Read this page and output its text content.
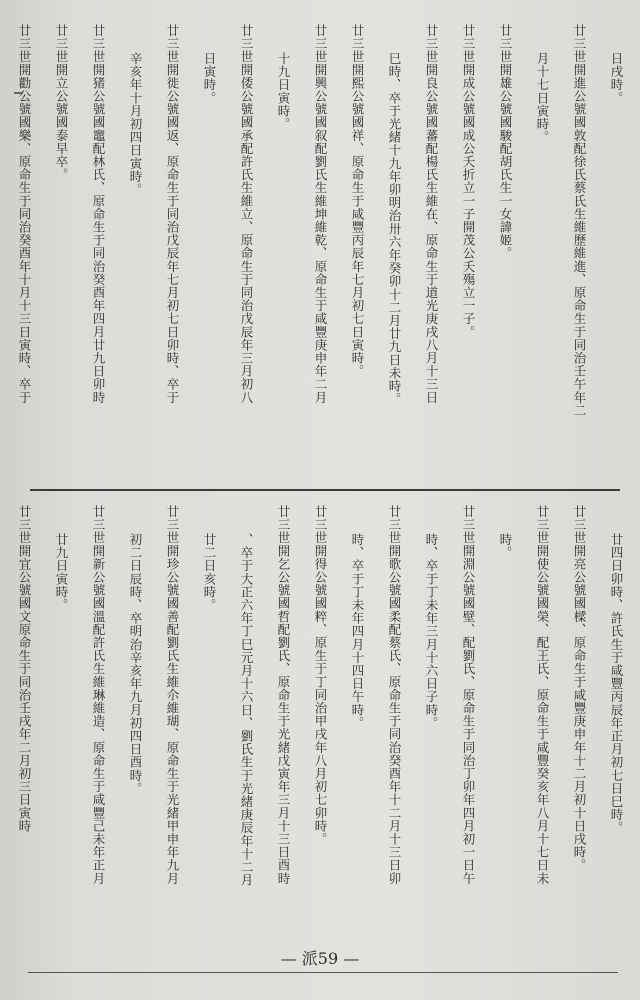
日戌時。
廿三世開進公號國敦配徐氏蔡氏生維歷維進、原命生于同治壬午年二
月十七日寅時。
廿三世開雄公號國駿配胡氏生一女諱姬。
廿三世開成公號國成公夭折立一子開茂公夭殤立一子。
廿三世開良公號國蕃配楊氏生維在、原命生于道光庚戌八月十三日
巳時、卒于光緒十九年卯明治卅六年癸卯十二月廿九日未時。
廿三世開熙公號國祥、原命生于咸豐丙辰年七月初七日寅時。
廿三世開興公號國叙配劉氏生維坤維乾、原命生于咸豐庚申年二月
十九日寅時。
廿三世開倭公號國承配許氏生維立、原命生于同治戊辰年三月初八
日寅時。
廿三世開徙公號國返、原命生于同治戊辰年七月初七日卯時、卒于
辛亥年十月初四日寅時。
廿三世開猪公號國竈配林氏、原命生于同治癸酉年四月廿九日卯時
廿三世開立公號國泰早卒。
廿三世開勸公號國樂、原命生于同治癸酉年十月十三日寅時、卒于
廿四日卯時、許氏生于咸豐丙辰年正月初七日巳時。
廿三世開亮公號國樑、原命生于咸豐庚申年十二月初十日戌時。
廿三世開使公號國榮、配王氏、原命生于咸豐癸亥年八月十七日未
時。
廿三世開淵公號國壁、配劉氏、原命生于同治丁卯年四月初一日午
時、卒于丁未年三月十六日子時。
廿三世開歌公號國柔配蔡氏、原命生于同治癸酉年十二月十三日卯
時、卒于丁未年四月十四日午時。
廿三世開得公號國粹、原生于丁同治甲戌年八月初七卯時。
廿三世開乞公號國哲配劉氏、原命生于光緒戊寅年三月十三日酉時
、卒于大正六年丁巳元月十六日、劉氏生于光緒庚辰年十二月
廿二日亥時。
廿三世開珍公號國善配劉氏生維尒維瑚、原命生于光緒甲申年九月
初二日辰時、卒明治辛亥年九月初四日酉時。
廿三世開新公號國溫配許氏生維琳維造、原命生于咸豐己未年正月
廿九日寅時。
廿三世開宜公號國文原命生于同治壬戌年二月初三日寅時
— 派59 —
